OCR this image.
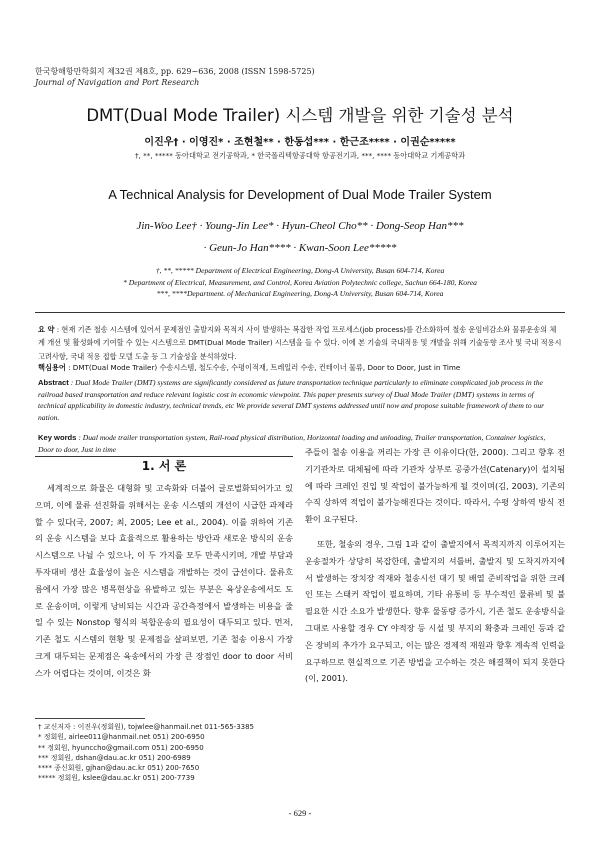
한국항해항만학회지 제32권 제8호, pp. 629~636, 2008 (ISSN 1598-5725)
Journal of Navigation and Port Research
DMT(Dual Mode Trailer) 시스템 개발을 위한 기술성 분석
이진우† · 이영진* · 조현철** · 한동섭*** · 한근조**** · 이권순*****
†, **, ***** 동아대학교 전기공학과, * 한국폴리텍항공대학 항공전기과, ***, **** 동아대학교 기계공학과
A Technical Analysis for Development of Dual Mode Trailer System
Jin-Woo Lee† · Young-Jin Lee* · Hyun-Cheol Cho** · Dong-Seop Han***
· Geun-Jo Han**** · Kwan-Soon Lee*****
†, **, ***** Department of Electrical Engineering, Dong-A University, Busan 604-714, Korea
* Department of Electrical, Measurement, and Control, Korea Aviation Polytechnic college, Sachun 664-180, Korea
***, ****Department. of Mechanical Engineering, Dong-A University, Busan 604-714, Korea
요 약 : 현재 기존 철송 시스템에 있어서 문제점인 출발지와 목적지 사이 발생하는 복잡한 작업 프로세스(job process)를 간소화하여 철송 운임비감소와 물류운송의 체계 개선 및 활성화에 기여할 수 있는 시스템으로 DMT(Dual Mode Trailer) 시스템을 들 수 있다. 이에 본 기술의 국내적용 및 개발을 위해 기술동향 조사 및 국내 적용시 고려사항, 국내 적용 접합 모델 도출 등 그 기술성을 분석하였다.
핵심용어 : DMT(Dual Mode Trailer) 수송시스템, 철도수송, 수평이적재, 트레일러 수송, 컨테이너 물류, Door to Door, Just in Time
Abstract : Dual Mode Trailer (DMT) systems are significantly considered as future transportation technique particularly to eliminate complicated job process in the railroad based transportation and reduce relevant logistic cost in economic viewpoint. This paper presents survey of Dual Mode Trailer (DMT) systems in terms of technical applicability in domestic industry, technical trends, etc We provide several DMT systems addressed until now and propose suitable framework of them to our nation.
Key words : Dual mode trailer transportation system, Rail-road physical distribution, Horizontal loading and unloading, Trailer transportation, Container logistics, Door to door, Just in time
1. 서 론

세계적으로 화물은 대형화 및 고속화와 더불어 글로벌화되어가고 있으며, 이에 물류 선진화를 위해서는 운송 시스템의 개선이 시급한 과제라 할 수 있다(국, 2007; 최, 2005; Lee et al., 2004). 이를 위하여 기존의 운송 시스템을 보다 효율적으로 활용하는 방안과 새로운 방식의 운송 시스템으로 나뉠 수 있으나, 이 두 가지를 모두 만족시키며, 개발 부담과 투자대비 생산 효율성이 높은 시스템을 개발하는 것이 급선이다. 물류흐름에서 가장 많은 병목현상을 유발하고 있는 부분은 육상운송에서도 도로 운송이며, 이렇게 낭비되는 시간과 공간측정에서 발생하는 비용을 줄일 수 있는 Nonstop 형식의 복합운송의 필요성이 대두되고 있다. 먼저, 기존 철도 시스템의 현황 및 문제점을 살펴보면, 기존 철송 이용시 가장 크게 대두되는 문제점은 육송에서의 가장 큰 장점인 door to door 서비스가 어렵다는 것이며, 이것은 화

주들이 철송 이용을 꺼리는 가장 큰 이유이다(한, 2000). 그리고 향후 전기기관차로 대체됨에 따라 기관차 상부로 공중가선(Catenary)이 설치됨에 따라 크레인 진입 및 작업이 불가능하게 될 것이며(김, 2003), 기존의 수직 상하역 적업이 불가능해진다는 것이다. 따라서, 수평 상하역 방식 전환이 요구된다.

또한, 철송의 경우, 그림 1과 같이 출발지에서 목적지까지 이루어지는 운송절차가 상당히 복잡한데, 출발지의 셔틀버, 출발지 및 도착지까지에서 발생하는 장치장 적재와 철송시선 대기 및 배열 준비작업을 위한 크레인 또는 스태커 작업이 필요하며, 기타 유통비 등 부수적인 물류비 및 불필요한 시간 소요가 발생한다. 향후 물동량 증가시, 기존 철도 운송방식을 그대로 사용할 경우 CY 야적장 등 시설 및 부지의 확충과 크레인 등과 같은 장비의 추가가 요구되고, 이는 많은 경제적 재원과 향후 계속적 인력을 요구하므로 현실적으로 기존 방법을 고수하는 것은 해결책이 되지 못한다(이, 2001).

† 교신저자 : 이진우(정회원), tojwlee@hanmail.net 011-565-3385
* 정회원, airlee011@hanmail.net 051) 200-6950
** 정회원, hyunccho@gmail.com 051) 200-6950
*** 정회원, dshan@dau.ac.kr 051) 200-6989
**** 종신회원, gjhan@dau.ac.kr 051) 200-7650
***** 정회원, kslee@dau.ac.kr 051) 200-7739
- 629 -
